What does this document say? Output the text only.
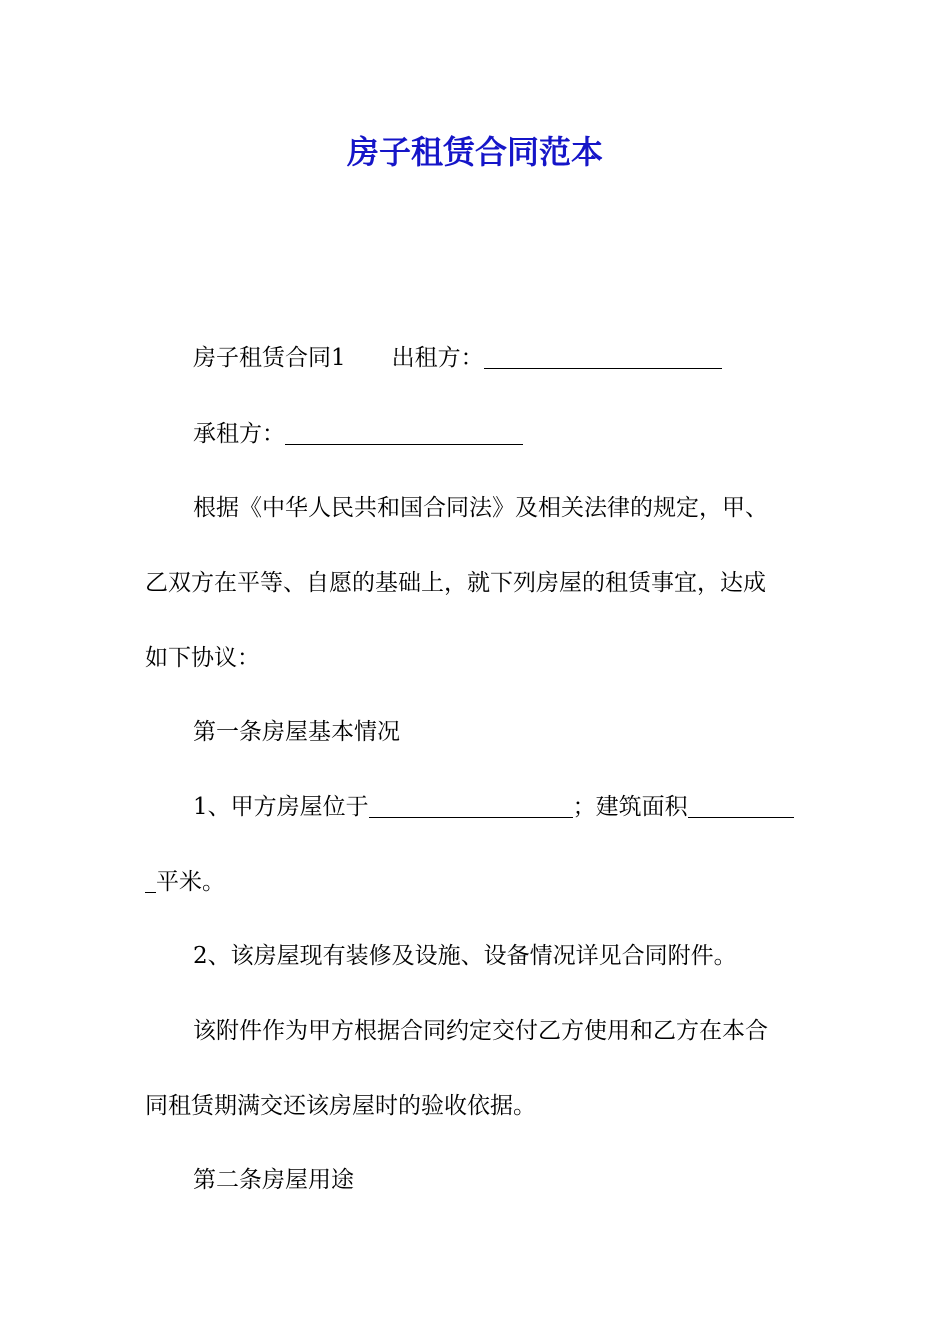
房子租赁合同范本

房子租赁合同1 出租方：

承租方：

根据《中华人民共和国合同法》及相关法律的规定，甲、

乙双方在平等、自愿的基础上，就下列房屋的租赁事宜，达成

如下协议：

第一条房屋基本情况

1、甲方房屋位于	；建筑面积

平米。

2、该房屋现有装修及设施、设备情况详见合同附件。

该附件作为甲方根据合同约定交付乙方使用和乙方在本合

同租赁期满交还该房屋时的验收依据。

第二条房屋用途
